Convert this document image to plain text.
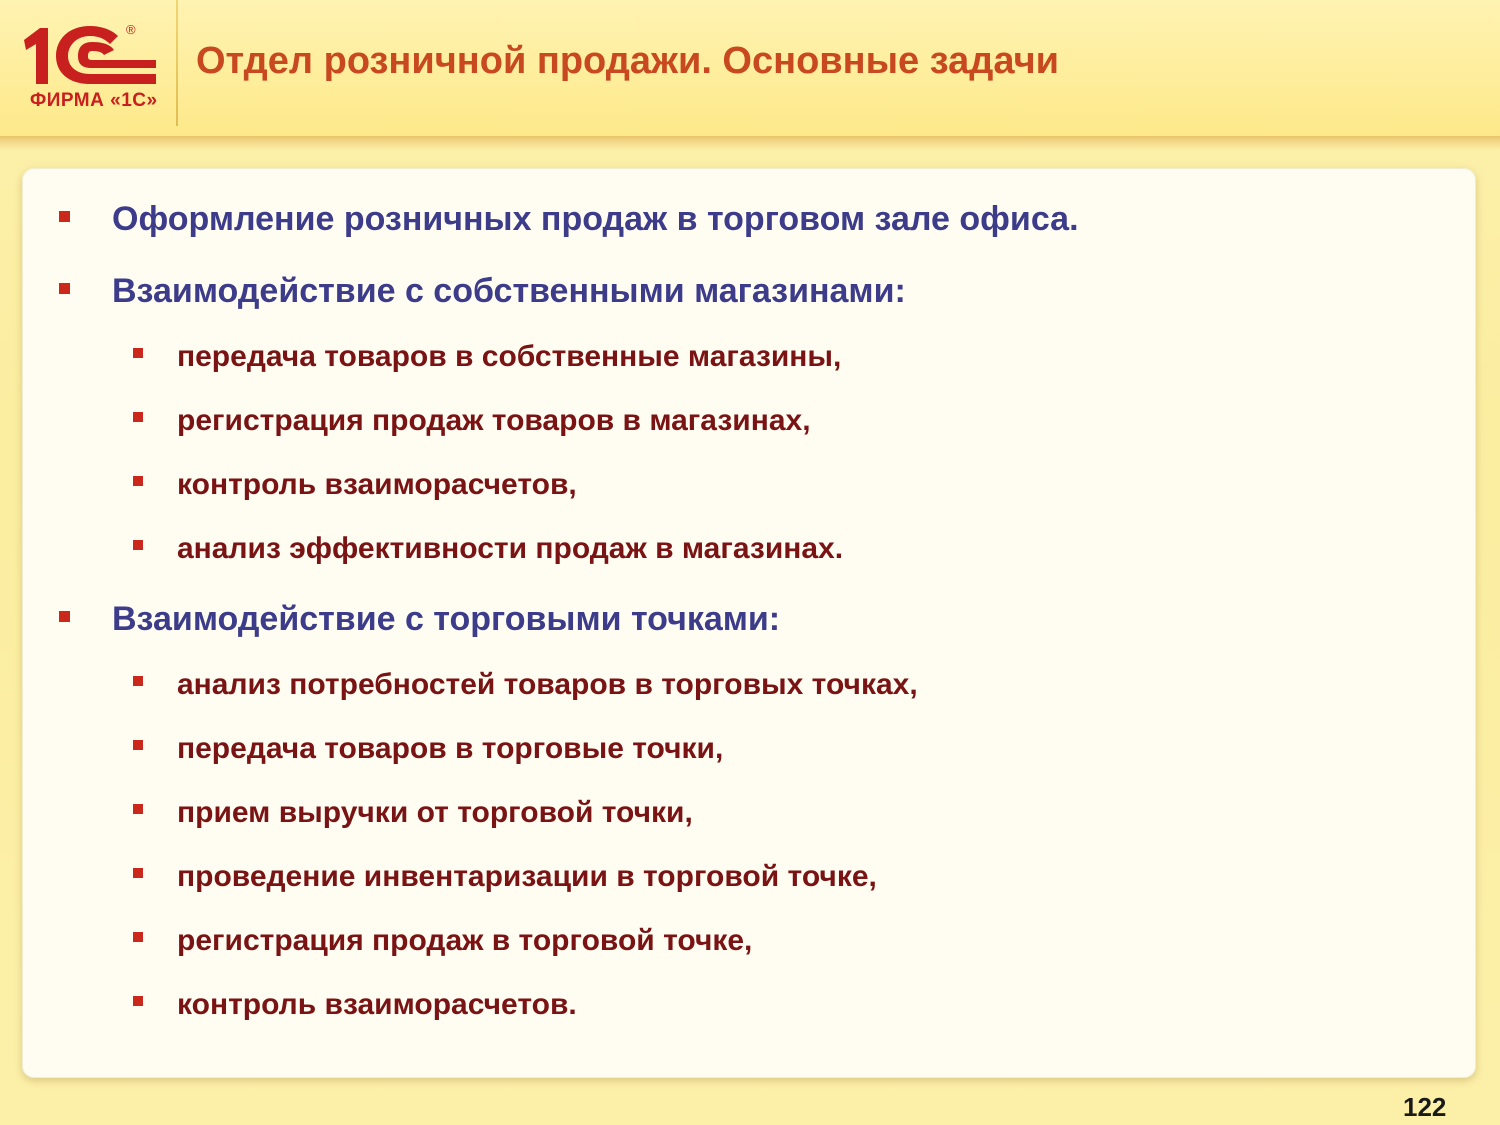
®
ФИРМА «1С»
Отдел розничной продажи. Основные задачи
Оформление розничных продаж в торговом зале офиса.
Взаимодействие с собственными магазинами:
передача товаров в собственные магазины,
регистрация продаж товаров в магазинах,
контроль взаиморасчетов,
анализ эффективности продаж в магазинах.
Взаимодействие с торговыми точками:
анализ потребностей товаров в торговых точках,
передача товаров в торговые точки,
прием выручки от торговой точки,
проведение инвентаризации в торговой точке,
регистрация продаж в торговой точке,
контроль взаиморасчетов.
122
